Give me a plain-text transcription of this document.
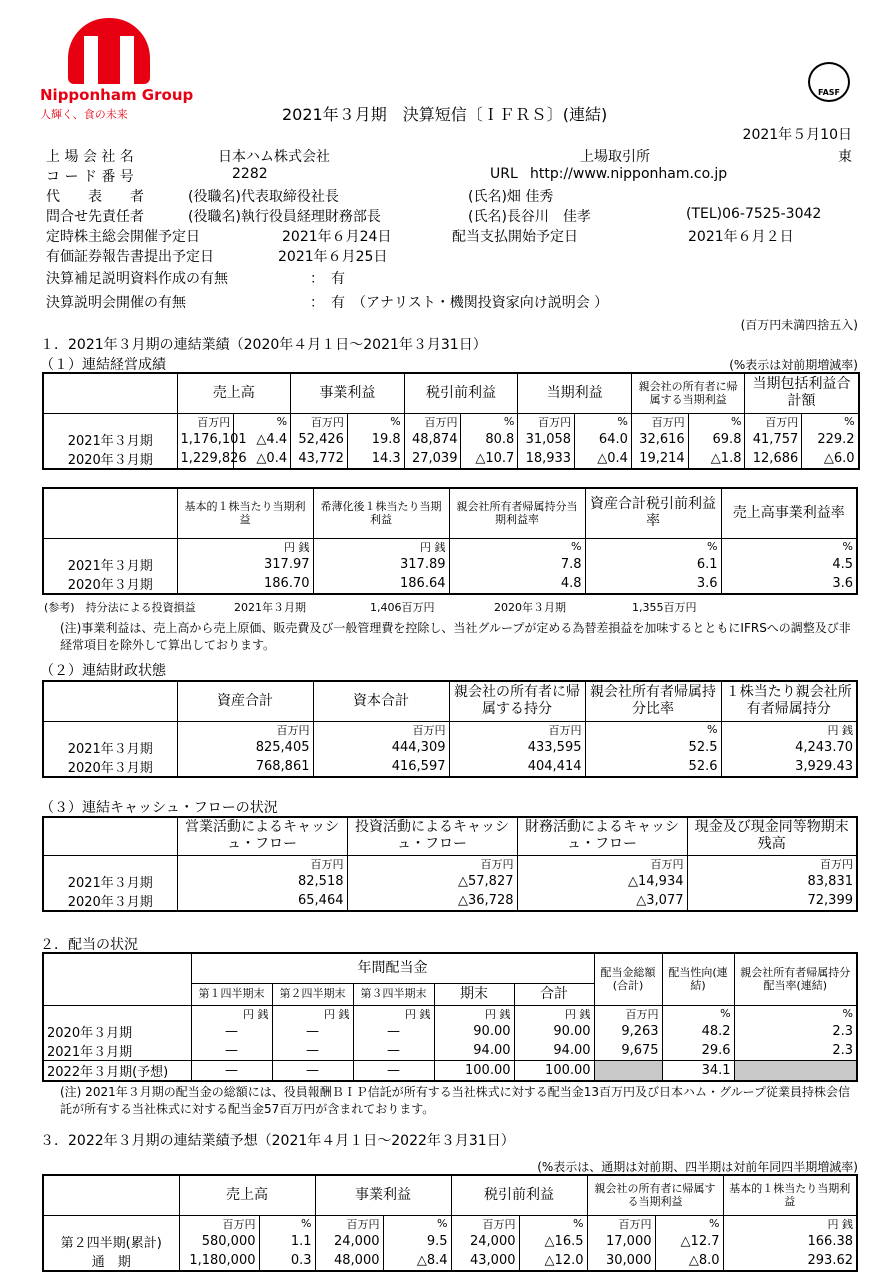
Nipponham Group
人輝く、食の未来
FASF
2021年３月期　決算短信〔ＩＦＲＳ〕(連結)
2021年５月10日
上 場 会 社 名	日本ハム株式会社	上場取引所	東
コ ー ド 番 号	2282	URL http://www.nipponham.co.jp
代　　表　　者	(役職名)代表取締役社長	(氏名)畑 佳秀
問合せ先責任者	(役職名)執行役員経理財務部長	(氏名)長谷川　佳孝	(TEL)06-7525-3042
定時株主総会開催予定日	2021年６月24日	配当支払開始予定日	2021年６月２日
有価証券報告書提出予定日	2021年６月25日
決算補足説明資料作成の有無	：　有
決算説明会開催の有無	：　有　（アナリスト・機関投資家向け説明会 ）
(百万円未満四捨五入)
１．2021年３月期の連結業績（2020年４月１日～2021年３月31日）
（１）連結経営成績	(%表示は対前期増減率)
	売上高		事業利益		税引前利益		当期利益		親会社の所有者に帰属する当期利益		当期包括利益合計額	
	百万円	%	百万円	%	百万円	%	百万円	%	百万円	%	百万円	%
2021年３月期	1,176,101	△4.4	52,426	19.8	48,874	80.8	31,058	64.0	32,616	69.8	41,757	229.2
2020年３月期	1,229,826	△0.4	43,772	14.3	27,039	△10.7	18,933	△0.4	19,214	△1.8	12,686	△6.0
	基本的１株当たり当期利益	希薄化後１株当たり当期利益	親会社所有者帰属持分当期利益率	資産合計税引前利益率	売上高事業利益率
	円 銭	円 銭	%	%	%
2021年３月期	317.97	317.89	7.8	6.1	4.5
2020年３月期	186.70	186.64	4.8	3.6	3.6
(参考)　持分法による投資損益	2021年３月期	1,406百万円	2020年３月期	1,355百万円
(注)事業利益は、売上高から売上原価、販売費及び一般管理費を控除し、当社グループが定める為替差損益を加味するとともにIFRSへの調整及び非経常項目を除外して算出しております。
（２）連結財政状態
	資産合計	資本合計	親会社の所有者に帰属する持分	親会社所有者帰属持分比率	１株当たり親会社所有者帰属持分
	百万円	百万円	百万円	%	円 銭
2021年３月期	825,405	444,309	433,595	52.5	4,243.70
2020年３月期	768,861	416,597	404,414	52.6	3,929.43
（３）連結キャッシュ・フローの状況
	営業活動によるキャッシュ・フロー	投資活動によるキャッシュ・フロー	財務活動によるキャッシュ・フロー	現金及び現金同等物期末残高
	百万円	百万円	百万円	百万円
2021年３月期	82,518	△57,827	△14,934	83,831
2020年３月期	65,464	△36,728	△3,077	72,399
２．配当の状況
	年間配当金					配当金総額(合計)	配当性向(連結)	親会社所有者帰属持分配当率(連結)
	第１四半期末	第２四半期末	第３四半期末	期末	合計			
	円 銭	円 銭	円 銭	円 銭	円 銭	百万円	%	%
2020年３月期	—	—	—	90.00	90.00	9,263	48.2	2.3
2021年３月期	—	—	—	94.00	94.00	9,675	29.6	2.3
2022年３月期(予想)	—	—	—	100.00	100.00		34.1	
(注) 2021年３月期の配当金の総額には、役員報酬ＢＩＰ信託が所有する当社株式に対する配当金13百万円及び日本ハム・グループ従業員持株会信託が所有する当社株式に対する配当金57百万円が含まれております。
３．2022年３月期の連結業績予想（2021年４月１日～2022年３月31日）
(%表示は、通期は対前期、四半期は対前年同四半期増減率)
	売上高		事業利益		税引前利益		親会社の所有者に帰属する当期利益		基本的１株当たり当期利益
	百万円	%	百万円	%	百万円	%	百万円	%	円 銭
第２四半期(累計)	580,000	1.1	24,000	9.5	24,000	△16.5	17,000	△12.7	166.38
通　期	1,180,000	0.3	48,000	△8.4	43,000	△12.0	30,000	△8.0	293.62
